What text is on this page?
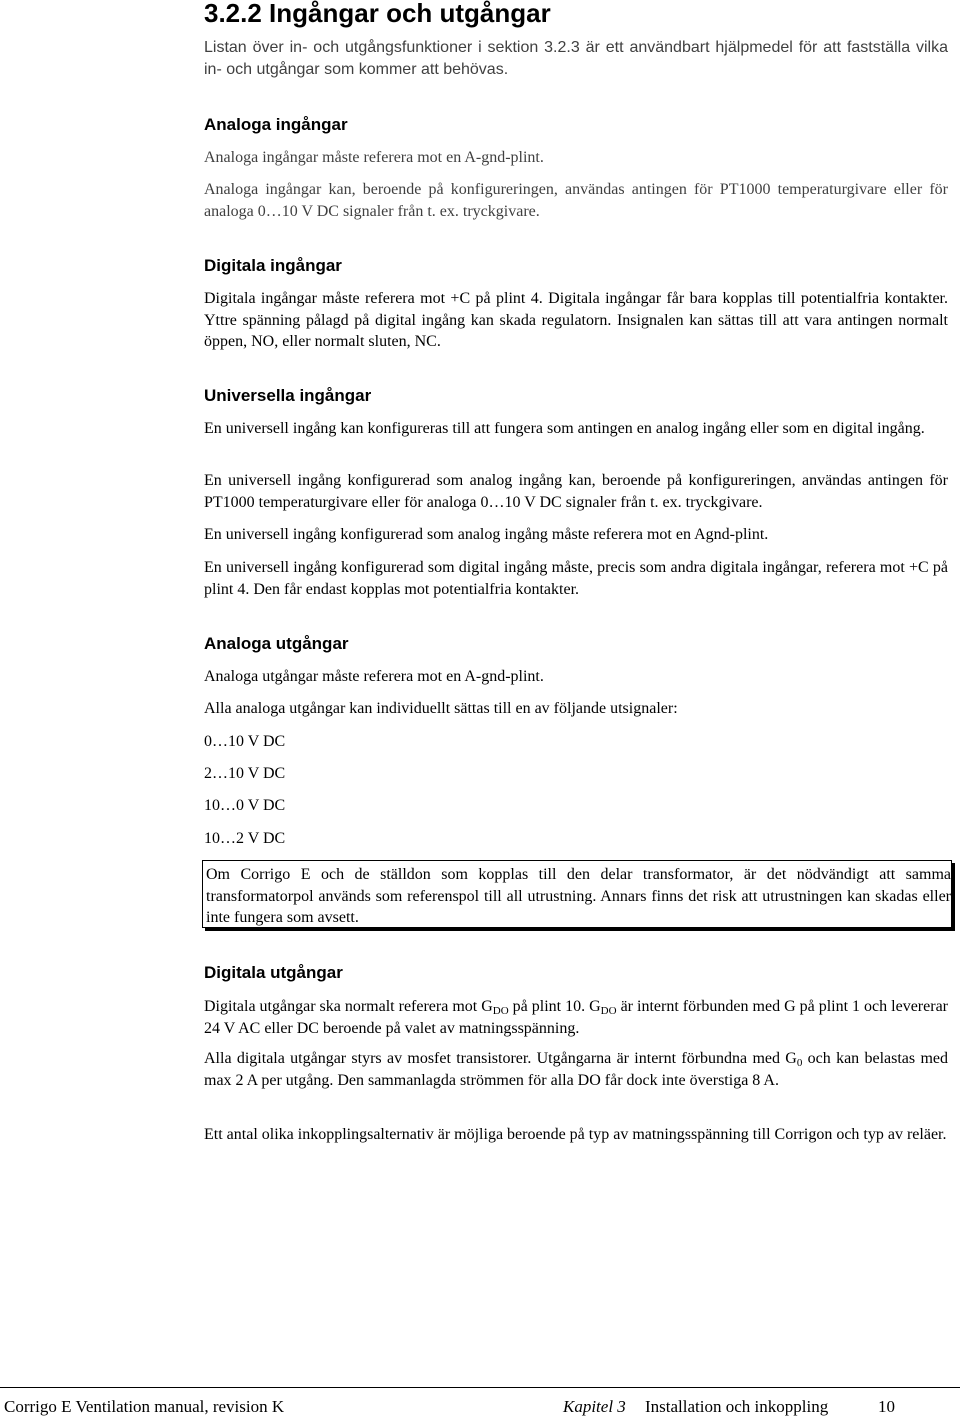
3.2.2 Ingångar och utgångar

Listan över in- och utgångsfunktioner i sektion 3.2.3 är ett användbart hjälpmedel för att fastställa vilka in- och utgångar som kommer att behövas.

Analoga ingångar

Analoga ingångar måste referera mot en A-gnd-plint.

Analoga ingångar kan, beroende på konfigureringen, användas antingen för PT1000 temperaturgivare eller för analoga 0…10 V DC signaler från t. ex. tryckgivare.

Digitala ingångar

Digitala ingångar måste referera mot +C på plint 4. Digitala ingångar får bara kopplas till potentialfria kontakter. Yttre spänning pålagd på digital ingång kan skada regulatorn. Insignalen kan sättas till att vara antingen normalt öppen, NO, eller normalt sluten, NC.

Universella ingångar

En universell ingång kan konfigureras till att fungera som antingen en analog ingång eller som en digital ingång.

En universell ingång konfigurerad som analog ingång kan, beroende på konfigureringen, användas antingen för PT1000 temperaturgivare eller för analoga 0…10 V DC signaler från t. ex. tryckgivare.

En universell ingång konfigurerad som analog ingång måste referera mot en Agnd-plint.

En universell ingång konfigurerad som digital ingång måste, precis som andra digitala ingångar, referera mot +C på plint 4. Den får endast kopplas mot potentialfria kontakter.

Analoga utgångar

Analoga utgångar måste referera mot en A-gnd-plint.

Alla analoga utgångar kan individuellt sättas till en av följande utsignaler:

0…10 V DC

2…10 V DC

10…0 V DC

10…2 V DC

Om Corrigo E och de ställdon som kopplas till den delar transformator, är det nödvändigt att samma transformatorpol används som referenspol till all utrustning. Annars finns det risk att utrustningen kan skadas eller inte fungera som avsett.

Digitala utgångar

Digitala utgångar ska normalt referera mot $G_{DO}$ på plint 10. $G_{DO}$ är internt förbunden med G på plint 1 och levererar 24 V AC eller DC beroende på valet av matningsspänning.

Alla digitala utgångar styrs av mosfet transistorer. Utgångarna är internt förbundna med $G_0$ och kan belastas med max 2 A per utgång. Den sammanlagda strömmen för alla DO får dock inte överstiga 8 A.

Ett antal olika inkopplingsalternativ är möjliga beroende på typ av matningsspänning till Corrigon och typ av reläer.

Corrigo E Ventilation manual, revision K	Kapitel 3 Installation och inkoppling	10
